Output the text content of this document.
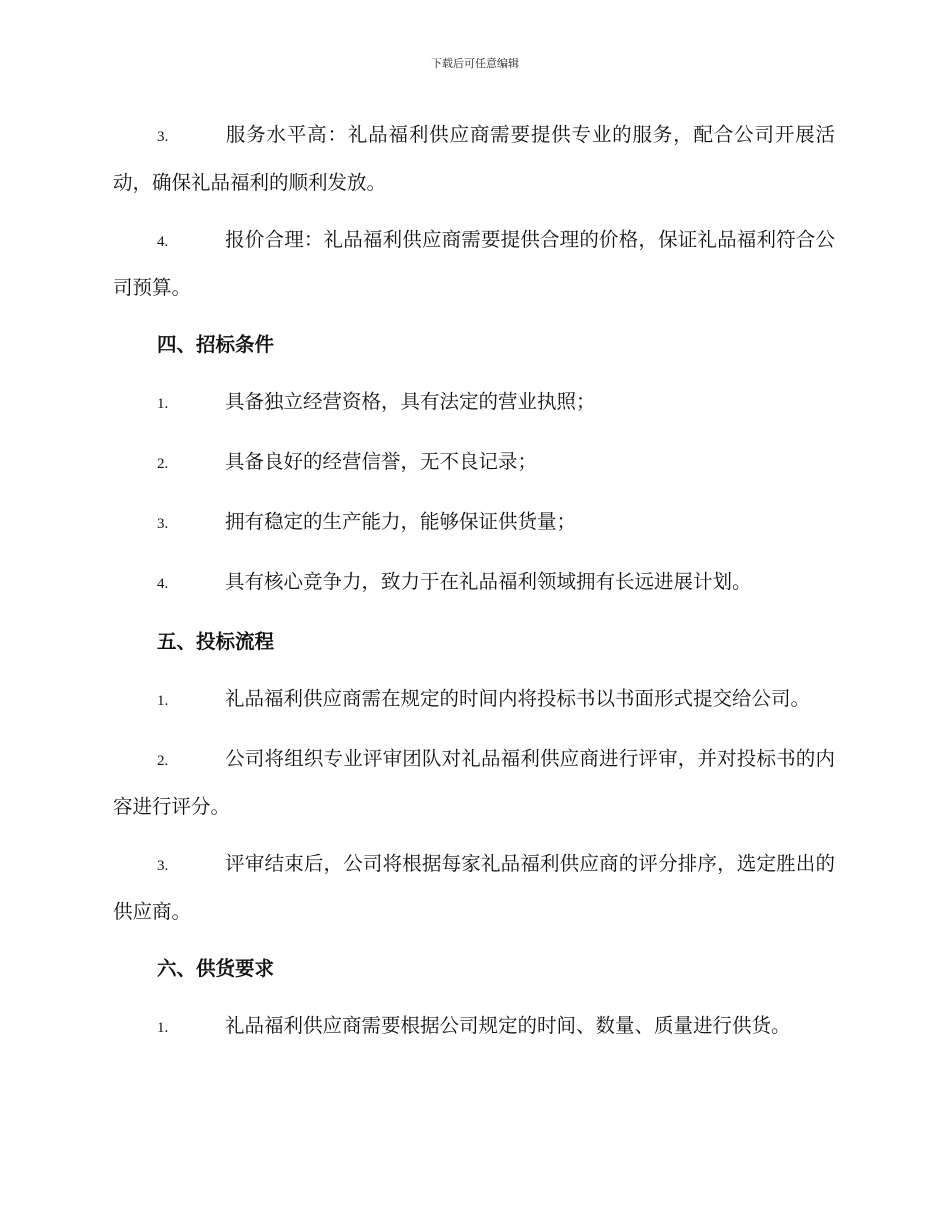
下载后可任意编辑

3.	服务水平高：礼品福利供应商需要提供专业的服务，配合公司开展活动，确保礼品福利的顺利发放。

4.	报价合理：礼品福利供应商需要提供合理的价格，保证礼品福利符合公司预算。

四、招标条件

1.	具备独立经营资格，具有法定的营业执照；

2.	具备良好的经营信誉，无不良记录；

3.	拥有稳定的生产能力，能够保证供货量；

4.	具有核心竞争力，致力于在礼品福利领域拥有长远进展计划。

五、投标流程

1.	礼品福利供应商需在规定的时间内将投标书以书面形式提交给公司。

2.	公司将组织专业评审团队对礼品福利供应商进行评审，并对投标书的内容进行评分。

3.	评审结束后，公司将根据每家礼品福利供应商的评分排序，选定胜出的供应商。

六、供货要求

1.	礼品福利供应商需要根据公司规定的时间、数量、质量进行供货。
